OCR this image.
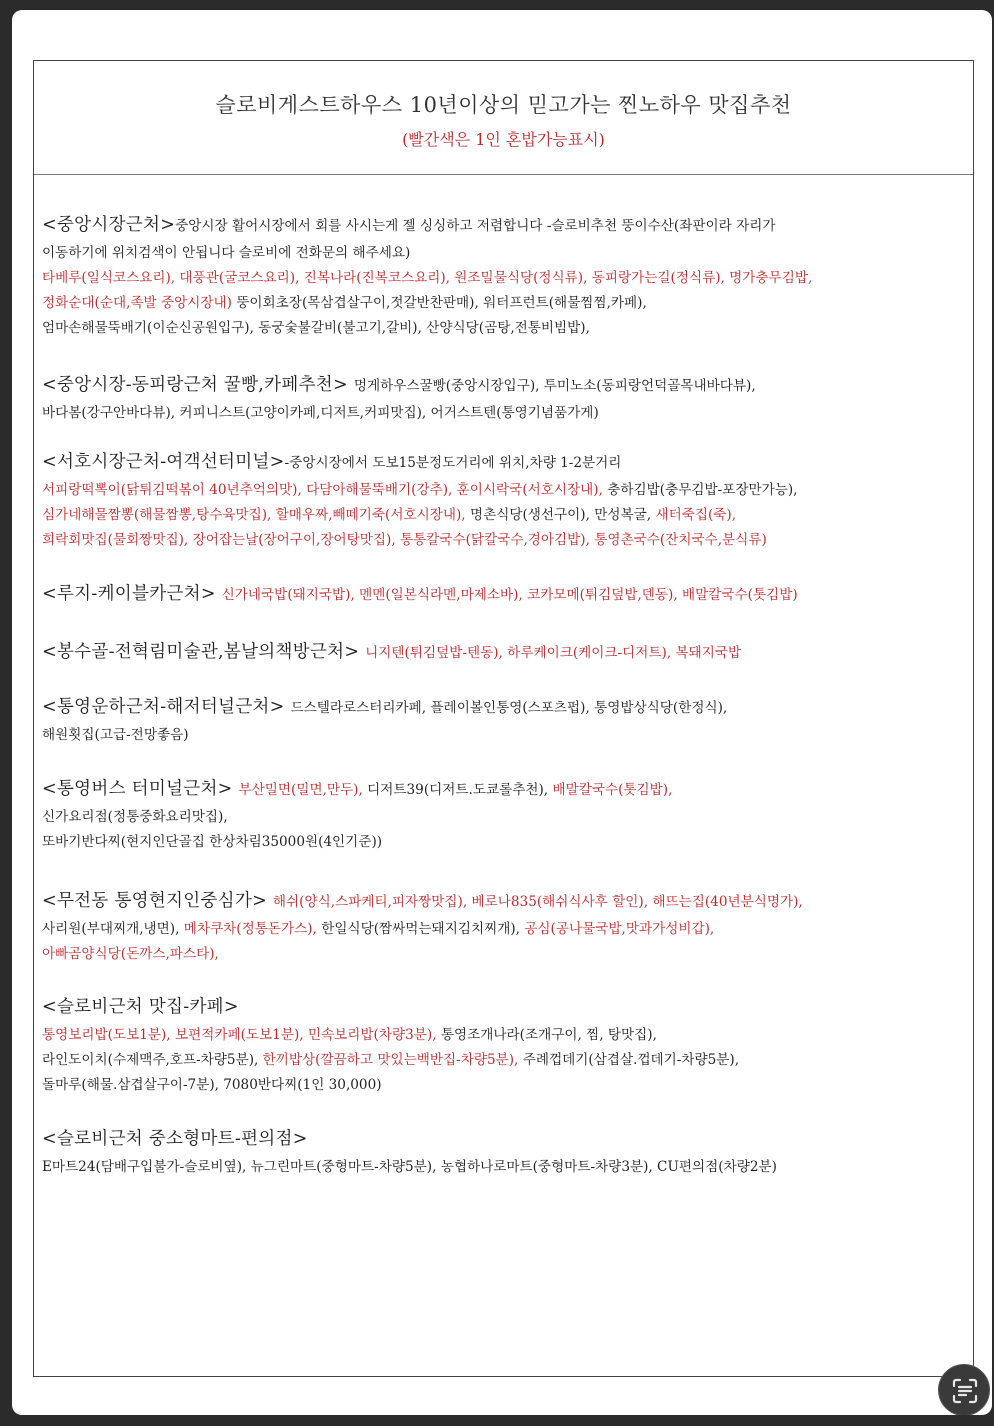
슬로비게스트하우스 10년이상의 믿고가는 찐노하우 맛집추천
(빨간색은 1인 혼밥가능표시)
<중앙시장근처>중앙시장 활어시장에서 회를 사시는게 젤 싱싱하고 저렴합니다 -슬로비추천 뚱이수산(좌판이라 자리가
이동하기에 위치검색이 안됩니다 슬로비에 전화문의 해주세요)
타베루(일식코스요리), 대풍관(굴코스요리), 진복나라(진복코스요리), 원조밀물식당(정식류), 동피랑가는길(정식류), 명가충무김밥,
정화순대(순대,족발 중앙시장내) 뚱이회초장(목삼겹살구이,젓갈반찬판매), 워터프런트(해물찜찜,카페),
엄마손해물뚝배기(이순신공원입구), 동궁숯불갈비(불고기,갈비), 산양식당(곰탕,전통비빔밥),
<중앙시장-동피랑근처 꿀빵,카페추천> 멍게하우스꿀빵(중앙시장입구), 투미노소(동피랑언덕골목내바다뷰),
바다봄(강구안바다뷰), 커피니스트(고양이카페,디저트,커피맛집), 어거스트텐(통영기념품가게)
<서호시장근처-여객선터미널>-중앙시장에서 도보15분정도거리에 위치,차량 1-2분거리
서피랑떡뽁이(닭튀김떡볶이 40년추억의맛), 다담아해물뚝배기(강추), 훈이시락국(서호시장내), 충하김밥(충무김밥-포장만가능),
심가네해물짬뽕(해물짬뽕,탕수육맛집), 할매우짜,빼떼기죽(서호시장내), 명촌식당(생선구이), 만성복굴, 새터죽집(죽),
희락회맛집(물회짱맛집), 장어잡는날(장어구이,장어탕맛집), 통통칼국수(닭칼국수,경아김밥), 통영촌국수(잔치국수,분식류)
<루지-케이블카근처> 신가네국밥(돼지국밥), 멘멘(일본식라멘,마제소바), 코카모메(튀김덮밥,덴동), 배말칼국수(톳김밥)
<봉수골-전혁림미술관,봄날의책방근처> 니지텐(튀김덮밥-텐동), 하루케이크(케이크-디저트), 복돼지국밥
<통영운하근처-해저터널근처> 드스텔라로스터리카페, 플레이볼인통영(스포츠펍), 통영밥상식당(한정식),
해원횟집(고급-전망좋음)
<통영버스 터미널근처> 부산밀면(밀면,만두), 디저트39(디저트.도쿄롤추천), 배말칼국수(톳김밥),
신가요리점(정통중화요리맛집),
또바기반다찌(현지인단골집 한상차림35000원(4인기준))
<무전동 통영현지인중심가> 해쉬(양식,스파케티,피자짱맛집), 베로나835(해쉬식사후 할인), 해뜨는집(40년분식명가),
사리원(부대찌개,냉면), 메차쿠차(정통돈가스), 한일식당(짬싸먹는돼지김치찌개), 공심(공나물국밥,맛과가성비갑),
아빠곰양식당(돈까스,파스타),
<슬로비근처 맛집-카페>
통영보리밥(도보1분), 보편적카페(도보1분), 민속보리밥(차량3분), 통영조개나라(조개구이, 찜, 탕맛집),
라인도이치(수제맥주,호프-차량5분), 한끼밥상(깔끔하고 맛있는백반집-차량5분), 주례껍데기(삼겹살.껍데기-차량5분),
돌마루(해물.삼겹살구이-7분), 7080반다찌(1인 30,000)
<슬로비근처 중소형마트-편의점>
E마트24(담배구입불가-슬로비옆), 뉴그린마트(중형마트-차량5분), 농협하나로마트(중형마트-차량3분), CU편의점(차량2분)
